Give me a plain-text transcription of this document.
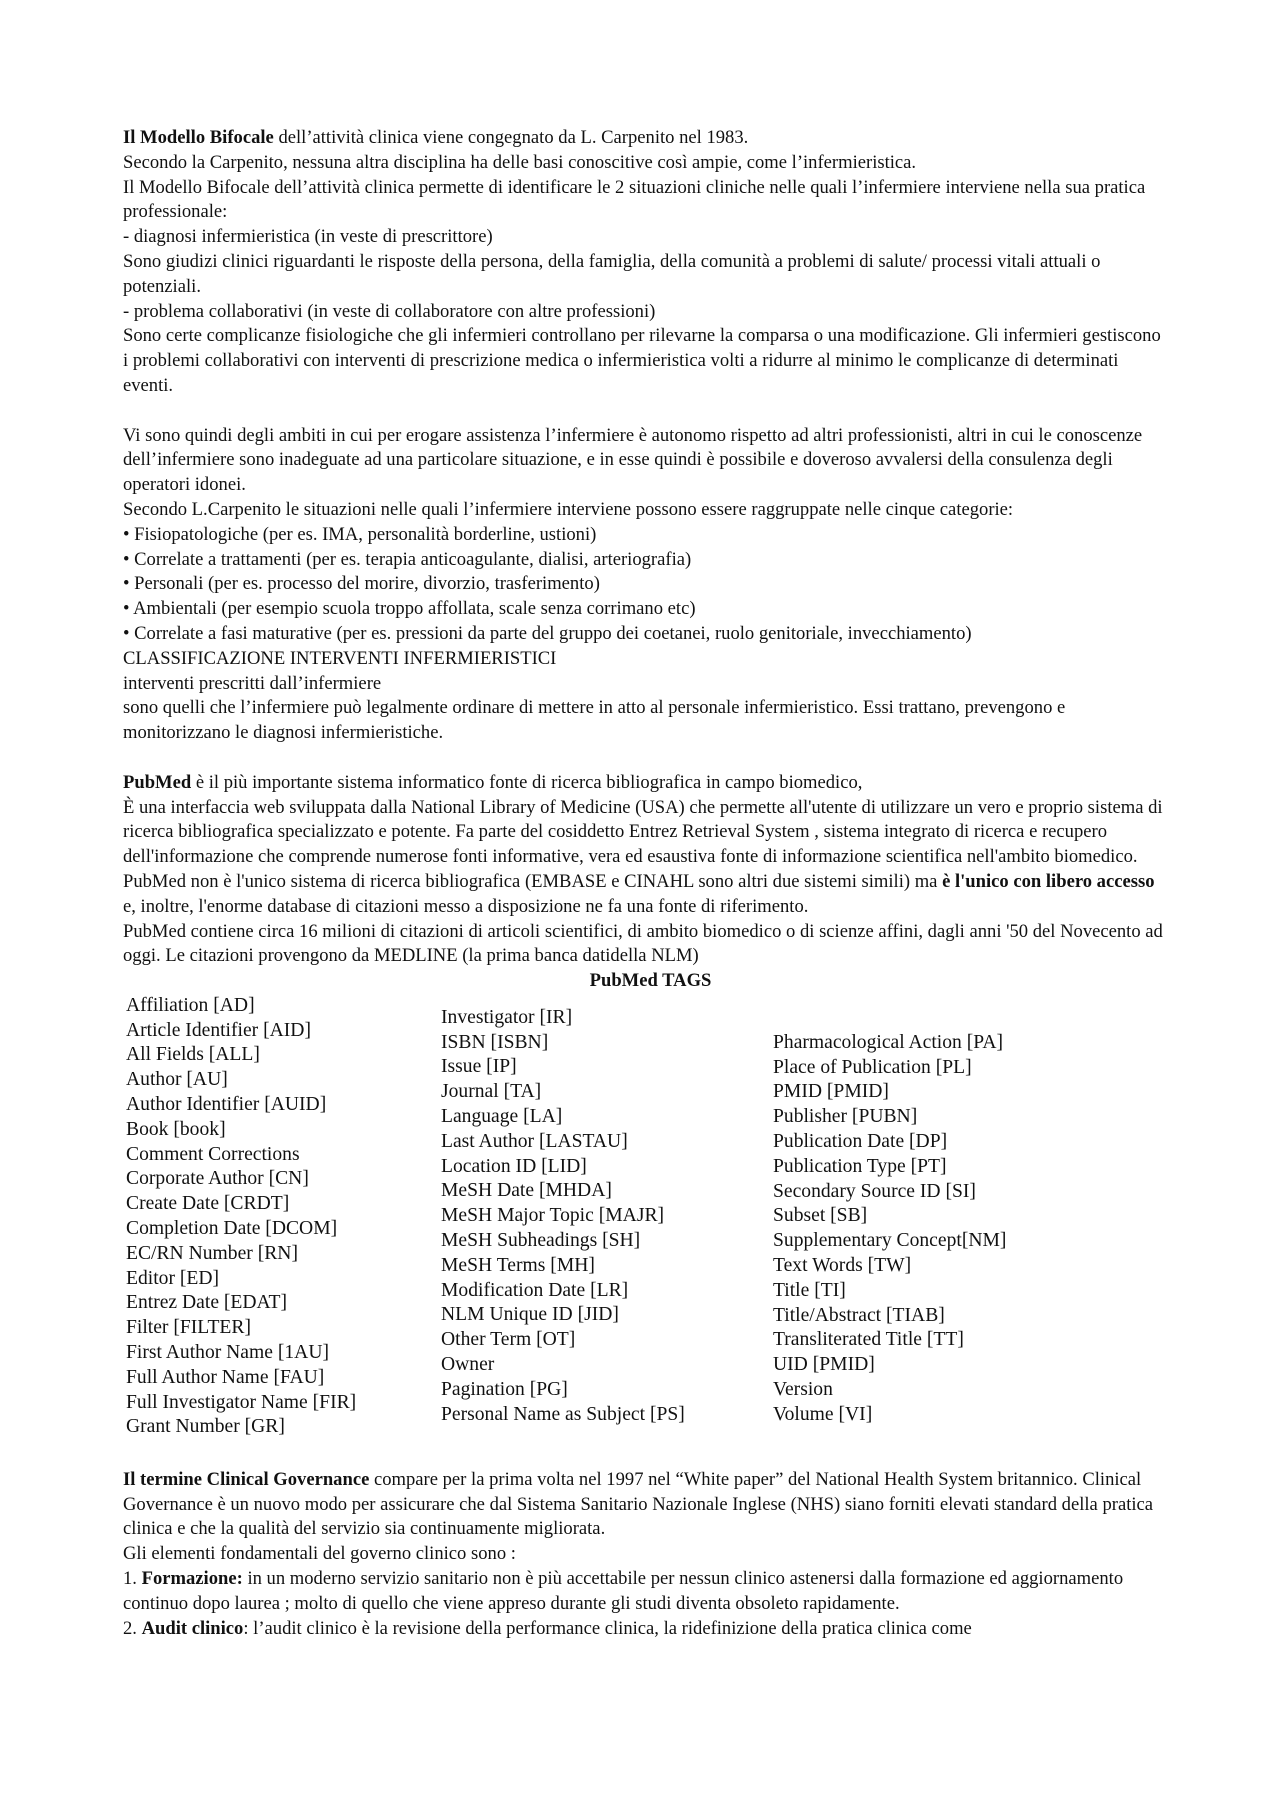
Il Modello Bifocale dell’attività clinica viene congegnato da L. Carpenito nel 1983.

Secondo la Carpenito, nessuna altra disciplina ha delle basi conoscitive così ampie, come l’infermieristica.

Il Modello Bifocale dell’attività clinica permette di identificare le 2 situazioni cliniche nelle quali l’infermiere interviene nella sua pratica professionale:

- diagnosi infermieristica (in veste di prescrittore)

Sono giudizi clinici riguardanti le risposte della persona, della famiglia, della comunità a problemi di salute/ processi vitali attuali o potenziali.

- problema collaborativi (in veste di collaboratore con altre professioni)

Sono certe complicanze fisiologiche che gli infermieri controllano per rilevarne la comparsa o una modificazione. Gli infermieri gestiscono i problemi collaborativi con interventi di prescrizione medica o infermieristica volti a ridurre al minimo le complicanze di determinati eventi.

Vi sono quindi degli ambiti in cui per erogare assistenza l’infermiere è autonomo rispetto ad altri professionisti, altri in cui le conoscenze dell’infermiere sono inadeguate ad una particolare situazione, e in esse quindi è possibile e doveroso avvalersi della consulenza degli operatori idonei.

Secondo L.Carpenito le situazioni nelle quali l’infermiere interviene possono essere raggruppate nelle cinque categorie:

• Fisiopatologiche (per es. IMA, personalità borderline, ustioni)

• Correlate a trattamenti (per es. terapia anticoagulante, dialisi, arteriografia)

• Personali (per es. processo del morire, divorzio, trasferimento)

• Ambientali (per esempio scuola troppo affollata, scale senza corrimano etc)

• Correlate a fasi maturative (per es. pressioni da parte del gruppo dei coetanei, ruolo genitoriale, invecchiamento)

CLASSIFICAZIONE INTERVENTI INFERMIERISTICI

interventi prescritti dall’infermiere

sono quelli che l’infermiere può legalmente ordinare di mettere in atto al personale infermieristico. Essi trattano, prevengono e monitorizzano le diagnosi infermieristiche.

PubMed è il più importante sistema informatico fonte di ricerca bibliografica in campo biomedico,

È una interfaccia web sviluppata dalla National Library of Medicine (USA) che permette all'utente di utilizzare un vero e proprio sistema di ricerca bibliografica specializzato e potente. Fa parte del cosiddetto Entrez Retrieval System , sistema integrato di ricerca e recupero dell'informazione che comprende numerose fonti informative, vera ed esaustiva fonte di informazione scientifica nell'ambito biomedico. PubMed non è l'unico sistema di ricerca bibliografica (EMBASE e CINAHL sono altri due sistemi simili) ma è l'unico con libero accesso e, inoltre, l'enorme database di citazioni messo a disposizione ne fa una fonte di riferimento.

PubMed contiene circa 16 milioni di citazioni di articoli scientifici, di ambito biomedico o di scienze affini, dagli anni '50 del Novecento ad oggi. Le citazioni provengono da MEDLINE (la prima banca datidella NLM)

PubMed TAGS

Affiliation [AD]
Article Identifier [AID]
All Fields [ALL]
Author [AU]
Author Identifier [AUID]
Book [book]
Comment Corrections
Corporate Author [CN]
Create Date [CRDT]
Completion Date [DCOM]
EC/RN Number [RN]
Editor [ED]
Entrez Date [EDAT]
Filter [FILTER]
First Author Name [1AU]
Full Author Name [FAU]
Full Investigator Name [FIR]
Grant Number [GR]
Investigator [IR]
ISBN [ISBN]
Issue [IP]
Journal [TA]
Language [LA]
Last Author [LASTAU]
Location ID [LID]
MeSH Date [MHDA]
MeSH Major Topic [MAJR]
MeSH Subheadings [SH]
MeSH Terms [MH]
Modification Date [LR]
NLM Unique ID [JID]
Other Term [OT]
Owner
Pagination [PG]
Personal Name as Subject [PS]
Pharmacological Action [PA]
Place of Publication [PL]
PMID [PMID]
Publisher [PUBN]
Publication Date [DP]
Publication Type [PT]
Secondary Source ID [SI]
Subset [SB]
Supplementary Concept[NM]
Text Words [TW]
Title [TI]
Title/Abstract [TIAB]
Transliterated Title [TT]
UID [PMID]
Version
Volume [VI]

Il termine Clinical Governance compare per la prima volta nel 1997 nel “White paper” del National Health System britannico. Clinical Governance è un nuovo modo per assicurare che dal Sistema Sanitario Nazionale Inglese (NHS) siano forniti elevati standard della pratica clinica e che la qualità del servizio sia continuamente migliorata.

Gli elementi fondamentali del governo clinico sono :

1. Formazione: in un moderno servizio sanitario non è più accettabile per nessun clinico astenersi dalla formazione ed aggiornamento continuo dopo laurea ; molto di quello che viene appreso durante gli studi diventa obsoleto rapidamente.

2. Audit clinico: l’audit clinico è la revisione della performance clinica, la ridefinizione della pratica clinica come
